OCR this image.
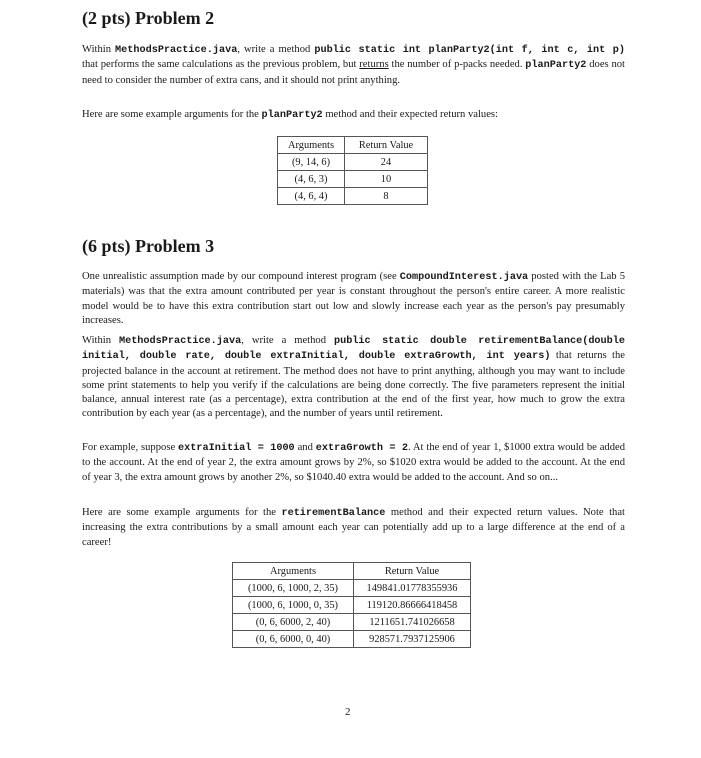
(2 pts) Problem 2

Within MethodsPractice.java, write a method public static int planParty2(int f, int c, int p) that performs the same calculations as the previous problem, but returns the number of p-packs needed. planParty2 does not need to consider the number of extra cans, and it should not print anything.

Here are some example arguments for the planParty2 method and their expected return values:

Arguments	Return Value
(9, 14, 6)	24
(4, 6, 3)	10
(4, 6, 4)	8
(6 pts) Problem 3

One unrealistic assumption made by our compound interest program (see CompoundInterest.java posted with the Lab 5 materials) was that the extra amount contributed per year is constant throughout the person's entire career. A more realistic model would be to have this extra contribution start out low and slowly increase each year as the person's pay presumably increases.

Within MethodsPractice.java, write a method public static double retirementBalance(double initial, double rate, double extraInitial, double extraGrowth, int years) that returns the projected balance in the account at retirement. The method does not have to print anything, although you may want to include some print statements to help you verify if the calculations are being done correctly. The five parameters represent the initial balance, annual interest rate (as a percentage), extra contribution at the end of the first year, how much to grow the extra contribution by each year (as a percentage), and the number of years until retirement.

For example, suppose extraInitial = 1000 and extraGrowth = 2. At the end of year 1, $1000 extra would be added to the account. At the end of year 2, the extra amount grows by 2%, so $1020 extra would be added to the account. At the end of year 3, the extra amount grows by another 2%, so $1040.40 extra would be added to the account. And so on...

Here are some example arguments for the retirementBalance method and their expected return values. Note that increasing the extra contributions by a small amount each year can potentially add up to a large difference at the end of a career!

Arguments	Return Value
(1000, 6, 1000, 2, 35)	149841.01778355936
(1000, 6, 1000, 0, 35)	119120.86666418458
(0, 6, 6000, 2, 40)	1211651.741026658
(0, 6, 6000, 0, 40)	928571.7937125906
2
